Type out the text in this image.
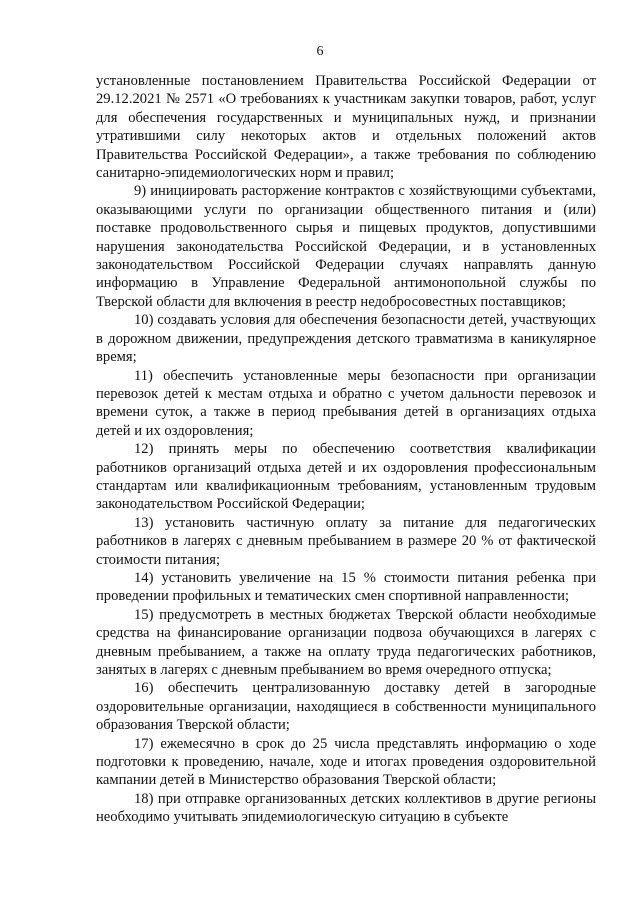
6

установленные постановлением Правительства Российской Федерации от 29.12.2021 № 2571 «О требованиях к участникам закупки товаров, работ, услуг для обеспечения государственных и муниципальных нужд, и признании утратившими силу некоторых актов и отдельных положений актов Правительства Российской Федерации», а также требования по соблюдению санитарно-эпидемиологических норм и правил;

9) инициировать расторжение контрактов с хозяйствующими субъектами, оказывающими услуги по организации общественного питания и (или) поставке продовольственного сырья и пищевых продуктов, допустившими нарушения законодательства Российской Федерации, и в установленных законодательством Российской Федерации случаях направлять данную информацию в Управление Федеральной антимонопольной службы по Тверской области для включения в реестр недобросовестных поставщиков;

10) создавать условия для обеспечения безопасности детей, участвующих в дорожном движении, предупреждения детского травматизма в каникулярное время;

11) обеспечить установленные меры безопасности при организации перевозок детей к местам отдыха и обратно с учетом дальности перевозок и времени суток, а также в период пребывания детей в организациях отдыха детей и их оздоровления;

12) принять меры по обеспечению соответствия квалификации работников организаций отдыха детей и их оздоровления профессиональным стандартам или квалификационным требованиям, установленным трудовым законодательством Российской Федерации;

13) установить частичную оплату за питание для педагогических работников в лагерях с дневным пребыванием в размере 20 % от фактической стоимости питания;

14) установить увеличение на 15 % стоимости питания ребенка при проведении профильных и тематических смен спортивной направленности;

15) предусмотреть в местных бюджетах Тверской области необходимые средства на финансирование организации подвоза обучающихся в лагерях с дневным пребыванием, а также на оплату труда педагогических работников, занятых в лагерях с дневным пребыванием во время очередного отпуска;

16) обеспечить централизованную доставку детей в загородные оздоровительные организации, находящиеся в собственности муниципального образования Тверской области;

17) ежемесячно в срок до 25 числа представлять информацию о ходе подготовки к проведению, начале, ходе и итогах проведения оздоровительной кампании детей в Министерство образования Тверской области;

18) при отправке организованных детских коллективов в другие регионы необходимо учитывать эпидемиологическую ситуацию в субъекте
